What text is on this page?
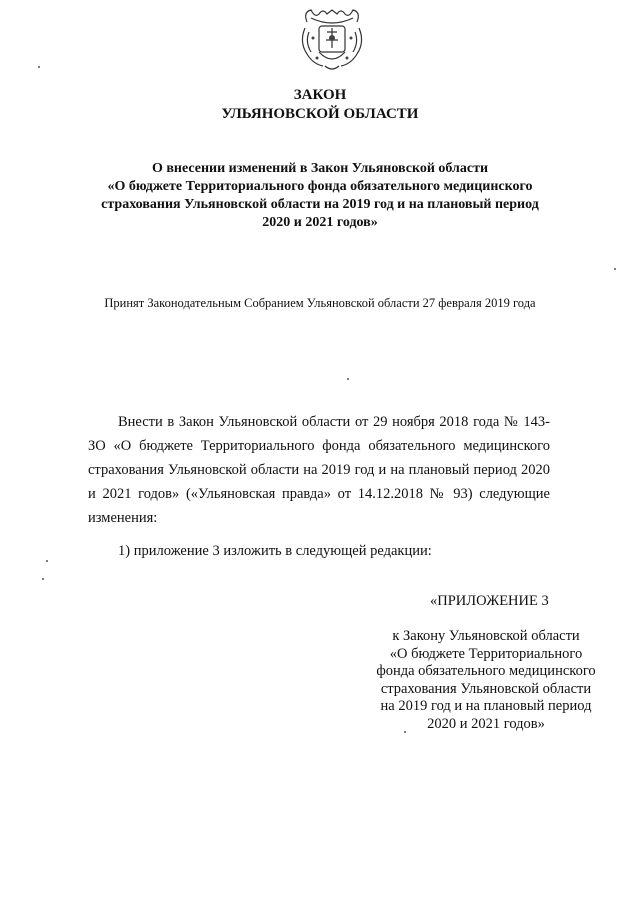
ЗАКОН
УЛЬЯНОВСКОЙ ОБЛАСТИ
О внесении изменений в Закон Ульяновской области
«О бюджете Территориального фонда обязательного медицинского
страхования Ульяновской области на 2019 год и на плановый период
2020 и 2021 годов»
Принят Законодательным Собранием Ульяновской области 27 февраля 2019 года
Внести в Закон Ульяновской области от 29 ноября 2018 года № 143-ЗО «О бюджете Территориального фонда обязательного медицинского страхования Ульяновской области на 2019 год и на плановый период 2020 и 2021 годов» («Ульяновская правда» от 14.12.2018 № 93) следующие изменения:
1) приложение 3 изложить в следующей редакции:
«ПРИЛОЖЕНИЕ 3
к Закону Ульяновской области
«О бюджете Территориального
фонда обязательного медицинского
страхования Ульяновской области
на 2019 год и на плановый период
2020 и 2021 годов»
